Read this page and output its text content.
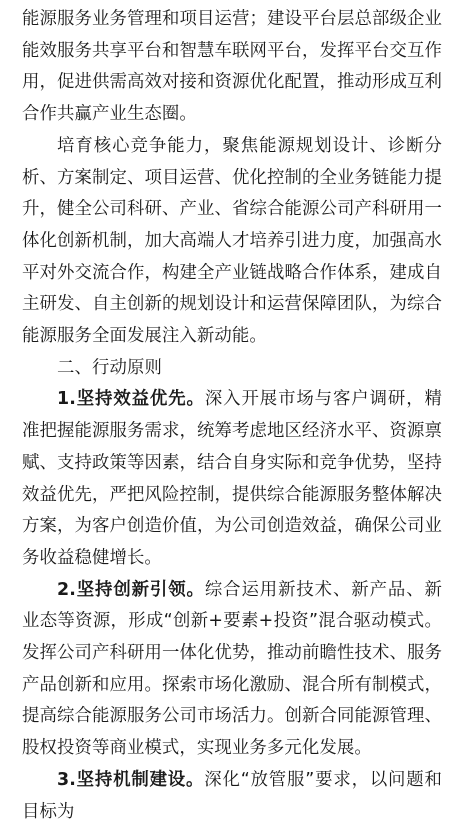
能源服务业务管理和项目运营；建设平台层总部级企业能效服务共享平台和智慧车联网平台，发挥平台交互作用，促进供需高效对接和资源优化配置，推动形成互利合作共赢产业生态圈。

培育核心竞争能力，聚焦能源规划设计、诊断分析、方案制定、项目运营、优化控制的全业务链能力提升，健全公司科研、产业、省综合能源公司产科研用一体化创新机制，加大高端人才培养引进力度，加强高水平对外交流合作，构建全产业链战略合作体系，建成自主研发、自主创新的规划设计和运营保障团队，为综合能源服务全面发展注入新动能。

二、行动原则

1.坚持效益优先。深入开展市场与客户调研，精准把握能源服务需求，统筹考虑地区经济水平、资源禀赋、支持政策等因素，结合自身实际和竞争优势，坚持效益优先，严把风险控制，提供综合能源服务整体解决方案，为客户创造价值，为公司创造效益，确保公司业务收益稳健增长。

2.坚持创新引领。综合运用新技术、新产品、新业态等资源，形成“创新+要素+投资”混合驱动模式。发挥公司产科研用一体化优势，推动前瞻性技术、服务产品创新和应用。探索市场化激励、混合所有制模式，提高综合能源服务公司市场活力。创新合同能源管理、股权投资等商业模式，实现业务多元化发展。

3.坚持机制建设。深化“放管服”要求，以问题和目标为
